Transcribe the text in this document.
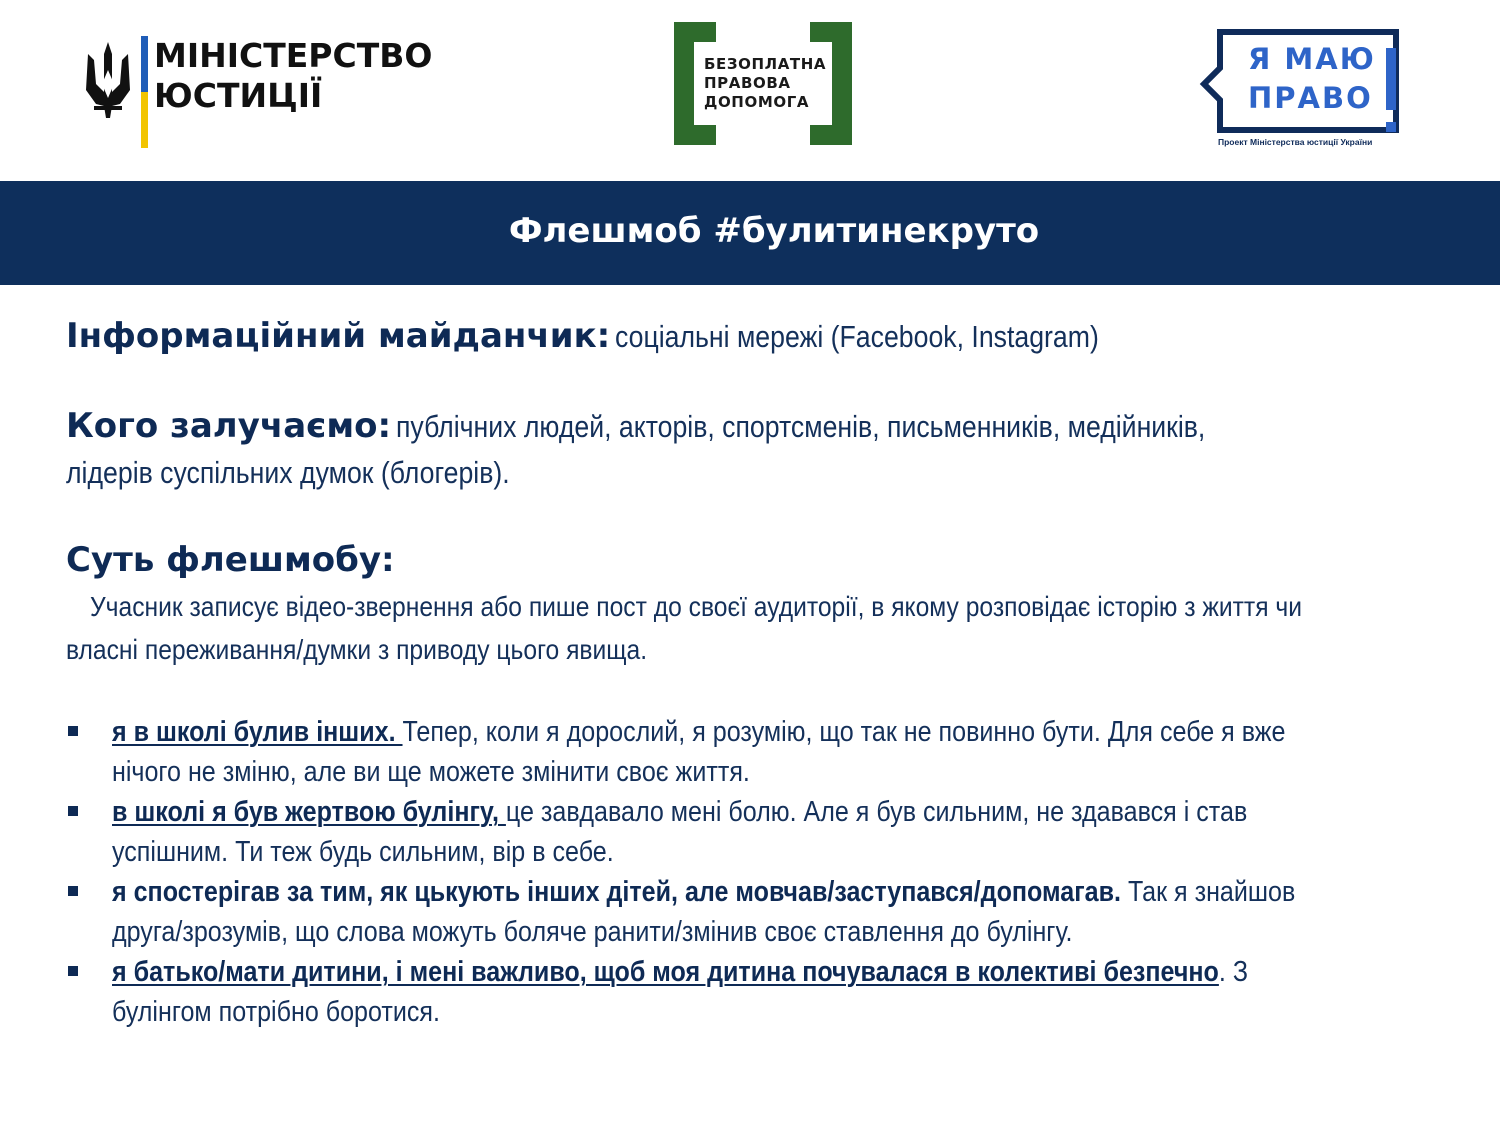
МІНІСТЕРСТВО
ЮСТИЦІЇ
БЕЗОПЛАТНА
ПРАВОВА
ДОПОМОГА
Я МАЮ
ПРАВО
Проект Міністерства юстиції України
Флешмоб #булитинекруто
Інформаційний майданчик: соціальні мережі (Facebook, Instagram)
Кого залучаємо: публічних людей, акторів, спортсменів, письменників, медійників,
лідерів суспільних думок (блогерів).
Суть флешмобу:
Учасник записує відео-звернення або пише пост до своєї аудиторії, в якому розповідає історію з життя чи
власні переживання/думки з приводу цього явища.
я в школі булив інших. Тепер, коли я дорослий, я розумію, що так не повинно бути. Для себе я вже
нічого не зміню, але ви ще можете змінити своє життя.
в школі я був жертвою булінгу, це завдавало мені болю. Але я був сильним, не здавався і став
успішним. Ти теж будь сильним, вір в себе.
я спостерігав за тим, як цькують інших дітей, але мовчав/заступався/допомагав. Так я знайшов
друга/зрозумів, що слова можуть боляче ранити/змінив своє ставлення до булінгу.
я батько/мати дитини, і мені важливо, щоб моя дитина почувалася в колективі безпечно. З
булінгом потрібно боротися.
